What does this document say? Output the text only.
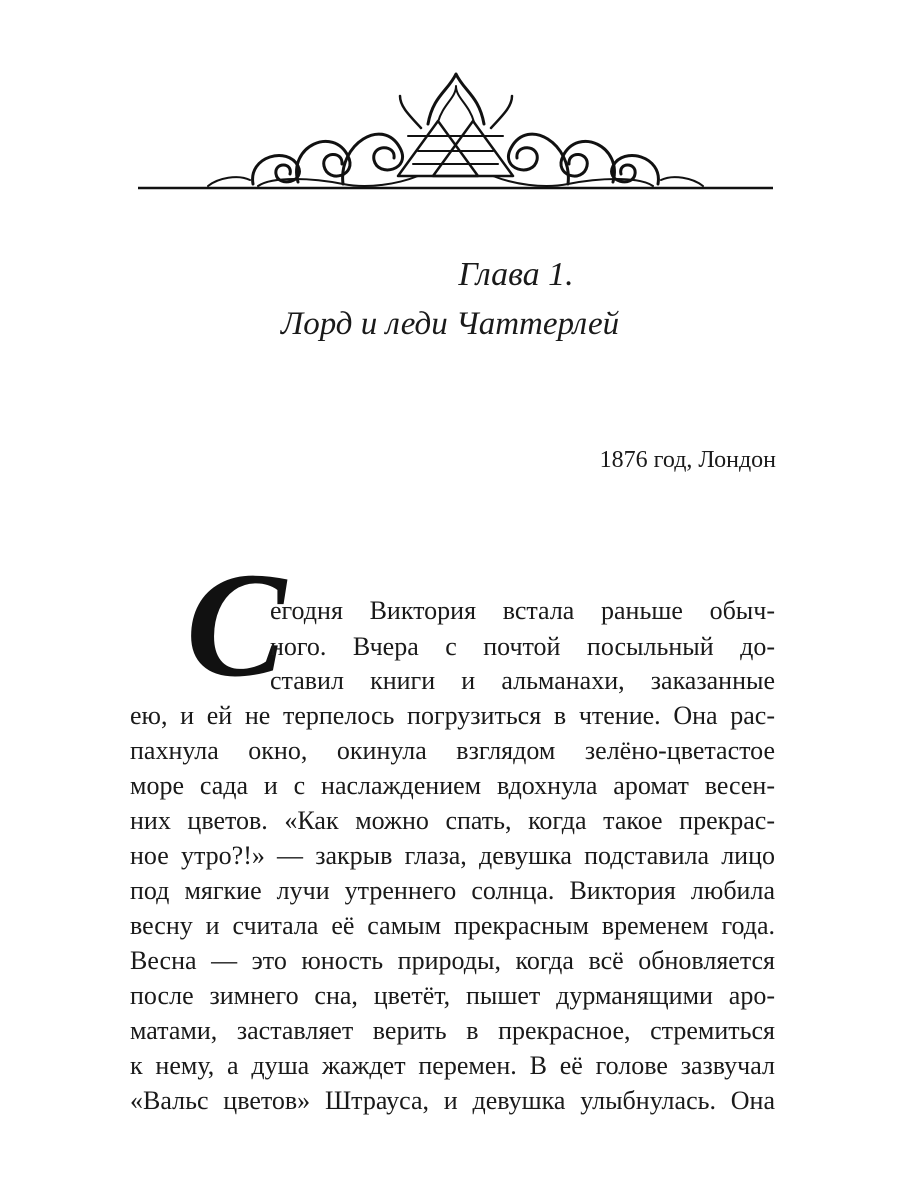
Глава 1.
Лорд и леди Чаттерлей
1876 год, Лондон
С
егодня Виктория встала раньше обыч-
ного. Вчера с почтой посыльный до-
ставил книги и альманахи, заказанные
ею, и ей не терпелось погрузиться в чтение. Она рас-
пахнула окно, окинула взглядом зелёно-цветастое
море сада и с наслаждением вдохнула аромат весен-
них цветов. «Как можно спать, когда такое прекрас-
ное утро?!» — закрыв глаза, девушка подставила лицо
под мягкие лучи утреннего солнца. Виктория любила
весну и считала её самым прекрасным временем года.
Весна — это юность природы, когда всё обновляется
после зимнего сна, цветёт, пышет дурманящими аро-
матами, заставляет верить в прекрасное, стремиться
к нему, а душа жаждет перемен. В её голове зазвучал
«Вальс цветов» Штрауса, и девушка улыбнулась. Она
